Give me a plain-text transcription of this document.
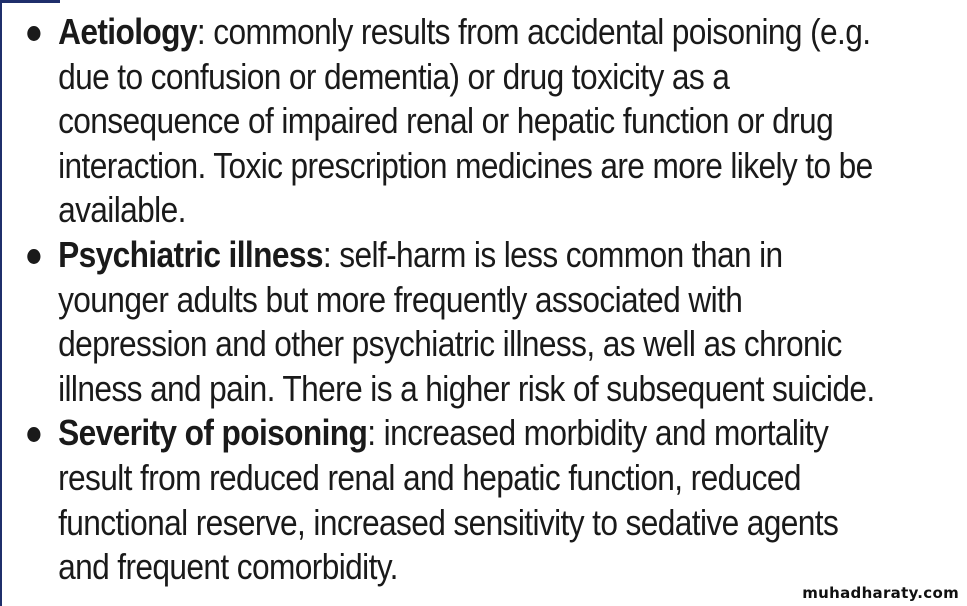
Aetiology: commonly results from accidental poisoning (e.g. due to confusion or dementia) or drug toxicity as a consequence of impaired renal or hepatic function or drug interaction. Toxic prescription medicines are more likely to be available.
Psychiatric illness: self-harm is less common than in younger adults but more frequently associated with depression and other psychiatric illness, as well as chronic illness and pain. There is a higher risk of subsequent suicide.
Severity of poisoning: increased morbidity and mortality result from reduced renal and hepatic function, reduced functional reserve, increased sensitivity to sedative agents and frequent comorbidity.
muhadharaty.com
